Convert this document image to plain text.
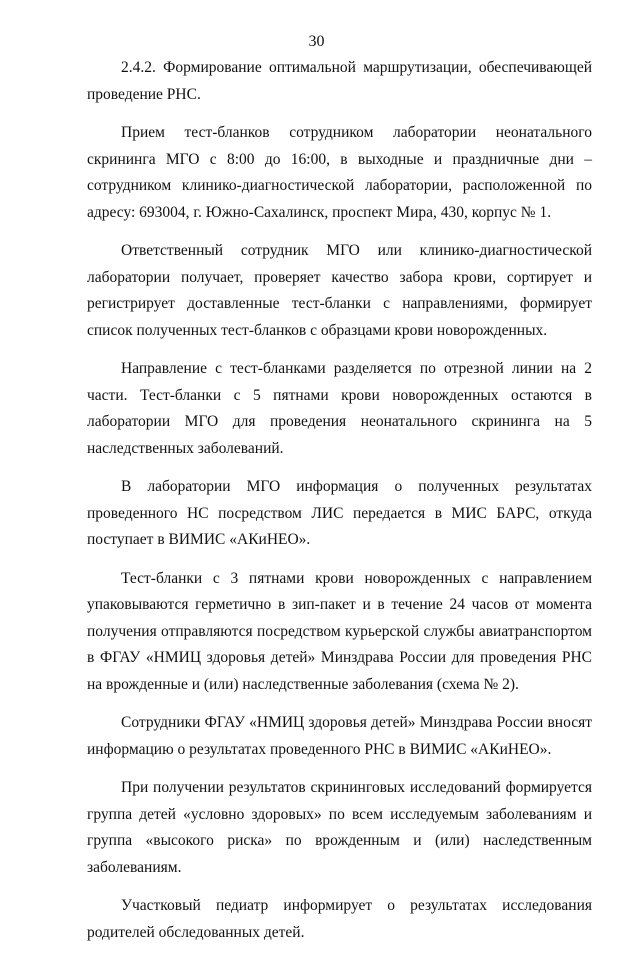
30

2.4.2. Формирование оптимальной маршрутизации, обеспечивающей проведение РНС.

Прием тест-бланков сотрудником лаборатории неонатального скрининга МГО с 8:00 до 16:00, в выходные и праздничные дни – сотрудником клинико-диагностической лаборатории, расположенной по адресу: 693004, г. Южно-Сахалинск, проспект Мира, 430, корпус № 1.

Ответственный сотрудник МГО или клинико-диагностической лаборатории получает, проверяет качество забора крови, сортирует и регистрирует доставленные тест-бланки с направлениями, формирует список полученных тест-бланков с образцами крови новорожденных.

Направление с тест-бланками разделяется по отрезной линии на 2 части. Тест-бланки с 5 пятнами крови новорожденных остаются в лаборатории МГО для проведения неонатального скрининга на 5 наследственных заболеваний.

В лаборатории МГО информация о полученных результатах проведенного НС посредством ЛИС передается в МИС БАРС, откуда поступает в ВИМИС «АКиНЕО».

Тест-бланки с 3 пятнами крови новорожденных с направлением упаковываются герметично в зип-пакет и в течение 24 часов от момента получения отправляются посредством курьерской службы авиатранспортом в ФГАУ «НМИЦ здоровья детей» Минздрава России для проведения РНС на врожденные и (или) наследственные заболевания (схема № 2).

Сотрудники ФГАУ «НМИЦ здоровья детей» Минздрава России вносят информацию о результатах проведенного РНС в ВИМИС «АКиНЕО».

При получении результатов скрининговых исследований формируется группа детей «условно здоровых» по всем исследуемым заболеваниям и группа «высокого риска» по врожденным и (или) наследственным заболеваниям.

Участковый педиатр информирует о результатах исследования родителей обследованных детей.
